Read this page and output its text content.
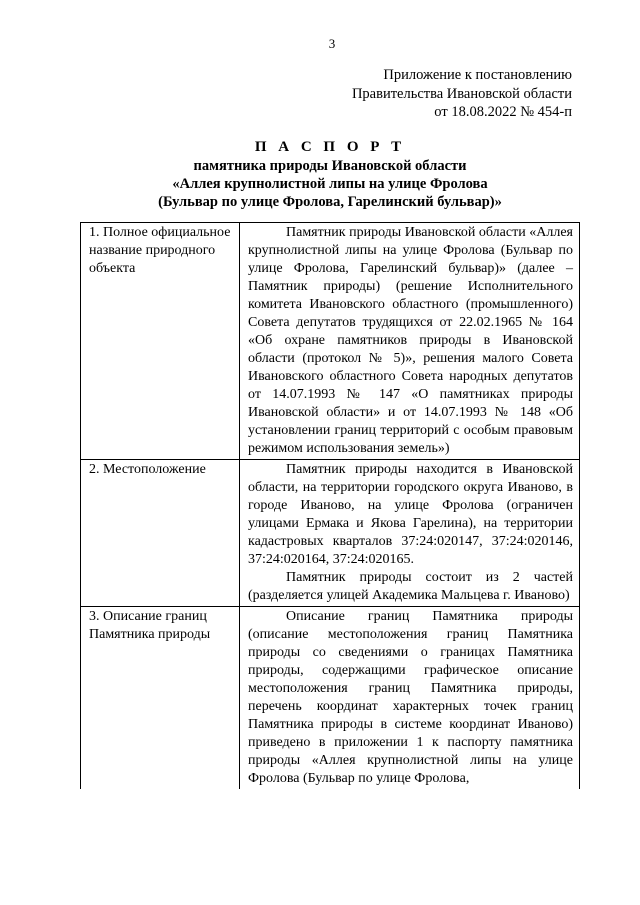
3
Приложение к постановлению
Правительства Ивановской области
от 18.08.2022 № 454-п
П А С П О Р Т
памятника природы Ивановской области
«Аллея крупнолистной липы на улице Фролова
(Бульвар по улице Фролова, Гарелинский бульвар)»
1. Полное официальное название природного объекта	Памятник природы Ивановской области «Аллея крупнолистной липы на улице Фролова (Бульвар по улице Фролова, Гарелинский бульвар)» (далее – Памятник природы) (решение Исполнительного комитета Ивановского областного (промышленного) Совета депутатов трудящихся от 22.02.1965 № 164 «Об охране памятников природы в Ивановской области (протокол № 5)», решения малого Совета Ивановского областного Совета народных депутатов от 14.07.1993 № 147 «О памятниках природы Ивановской области» и от 14.07.1993 № 148 «Об установлении границ территорий с особым правовым режимом использования земель»)

2. Местоположение	Памятник природы находится в Ивановской области, на территории городского округа Иваново, в городе Иваново, на улице Фролова (ограничен улицами Ермака и Якова Гарелина), на территории кадастровых кварталов 37:24:020147, 37:24:020146, 37:24:020164, 37:24:020165.

Памятник природы состоит из 2 частей (разделяется улицей Академика Мальцева г. Иваново)

3. Описание границ Памятника природы	Описание границ Памятника природы (описание местоположения границ Памятника природы со сведениями о границах Памятника природы, содержащими графическое описание местоположения границ Памятника природы, перечень координат характерных точек границ Памятника природы в системе координат Иваново) приведено в приложении 1 к паспорту памятника природы «Аллея крупнолистной липы на улице Фролова (Бульвар по улице Фролова,
